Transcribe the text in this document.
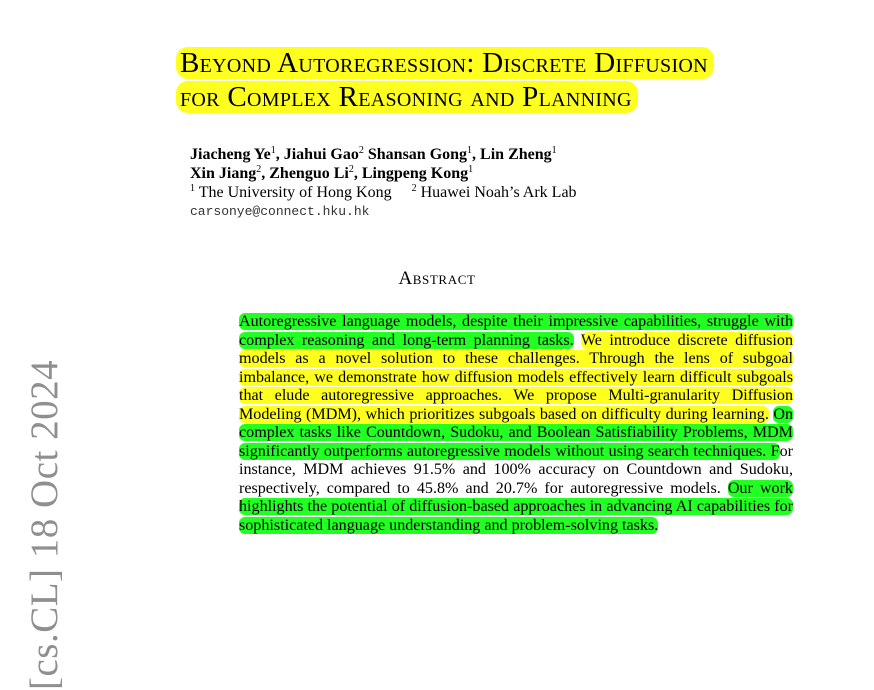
[cs.CL] 18 Oct 2024
Beyond Autoregression: Discrete Diffusion
for Complex Reasoning and Planning
Jiacheng Ye$^1$, Jiahui Gao$^2$ Shansan Gong$^1$, Lin Zheng$^1$
Xin Jiang$^2$, Zhenguo Li$^2$, Lingpeng Kong$^1$
$^1$ The University of Hong Kong $^2$ Huawei Noah’s Ark Lab
carsonye@connect.hku.hk
Abstract
Autoregressive language models, despite their impressive capabilities, struggle with complex reasoning and long-term planning tasks. We introduce discrete diffusion models as a novel solution to these challenges. Through the lens of subgoal imbalance, we demonstrate how diffusion models effectively learn difficult subgoals that elude autoregressive approaches. We propose Multi-granularity Diffusion Modeling (MDM), which prioritizes subgoals based on difficulty during learning. On complex tasks like Countdown, Sudoku, and Boolean Satisfiability Problems, MDM significantly outperforms autoregressive models without using search techniques. For instance, MDM achieves 91.5% and 100% accuracy on Countdown and Sudoku, respectively, compared to 45.8% and 20.7% for autoregressive models. Our work highlights the potential of diffusion-based approaches in advancing AI capabilities for sophisticated language understanding and problem-solving tasks.
